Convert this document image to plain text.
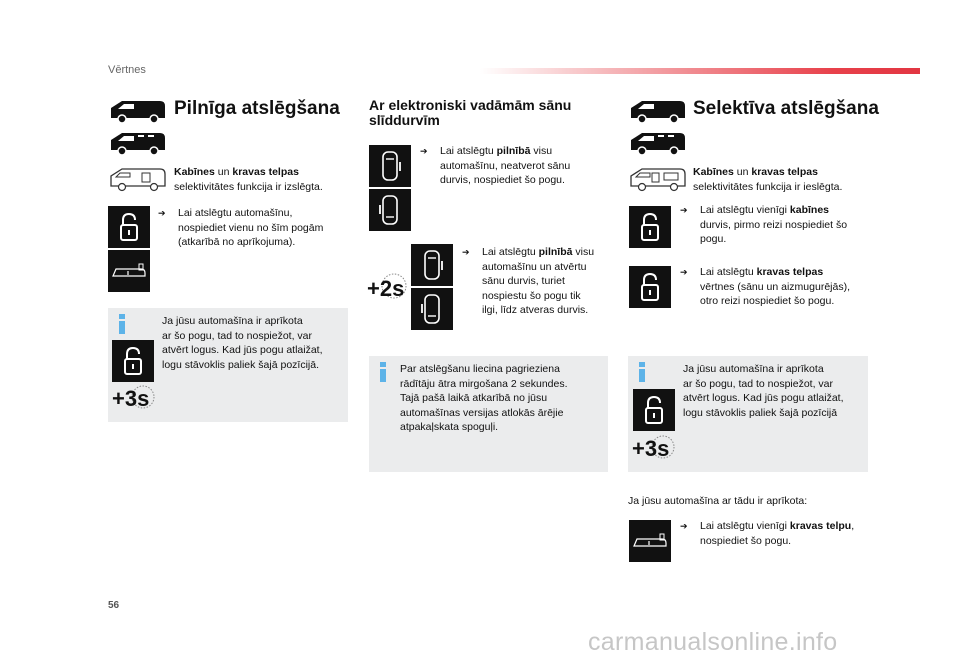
Vērtnes
Pilnīga atslēgšana
Kabīnes un kravas telpas
selektivitātes funkcija ir izslēgta.
➔ Lai atslēgtu automašīnu,
nospiediet vienu no šīm pogām
(atkarībā no aprīkojuma).
+3s
Ja jūsu automašīna ir aprīkota
ar šo pogu, tad to nospiežot, var
atvērt logus. Kad jūs pogu atlaižat,
logu stāvoklis paliek šajā pozīcijā.
Ar elektroniski vadāmām sānu
slīddurvīm
➔ Lai atslēgtu pilnībā visu
automašīnu, neatverot sānu
durvis, nospiediet šo pogu.
+2s
➔ Lai atslēgtu pilnībā visu
automašīnu un atvērtu
sānu durvis, turiet
nospiestu šo pogu tik
ilgi, līdz atveras durvis.
Par atslēgšanu liecina pagrieziena
rādītāju ātra mirgošana 2 sekundes.
Tajā pašā laikā atkarībā no jūsu
automašīnas versijas atlokās ārējie
atpakaļskata spoguļi.
Selektīva atslēgšana
Kabīnes un kravas telpas
selektivitātes funkcija ir ieslēgta.
➔ Lai atslēgtu vienīgi kabīnes
durvis, pirmo reizi nospiediet šo
pogu.
➔ Lai atslēgtu kravas telpas
vērtnes (sānu un aizmugurējās),
otro reizi nospiediet šo pogu.
+3s
Ja jūsu automašīna ir aprīkota
ar šo pogu, tad to nospiežot, var
atvērt logus. Kad jūs pogu atlaižat,
logu stāvoklis paliek šajā pozīcijā
Ja jūsu automašīna ar tādu ir aprīkota:
➔ Lai atslēgtu vienīgi kravas telpu,
nospiediet šo pogu.
56
carmanualsonline.info
